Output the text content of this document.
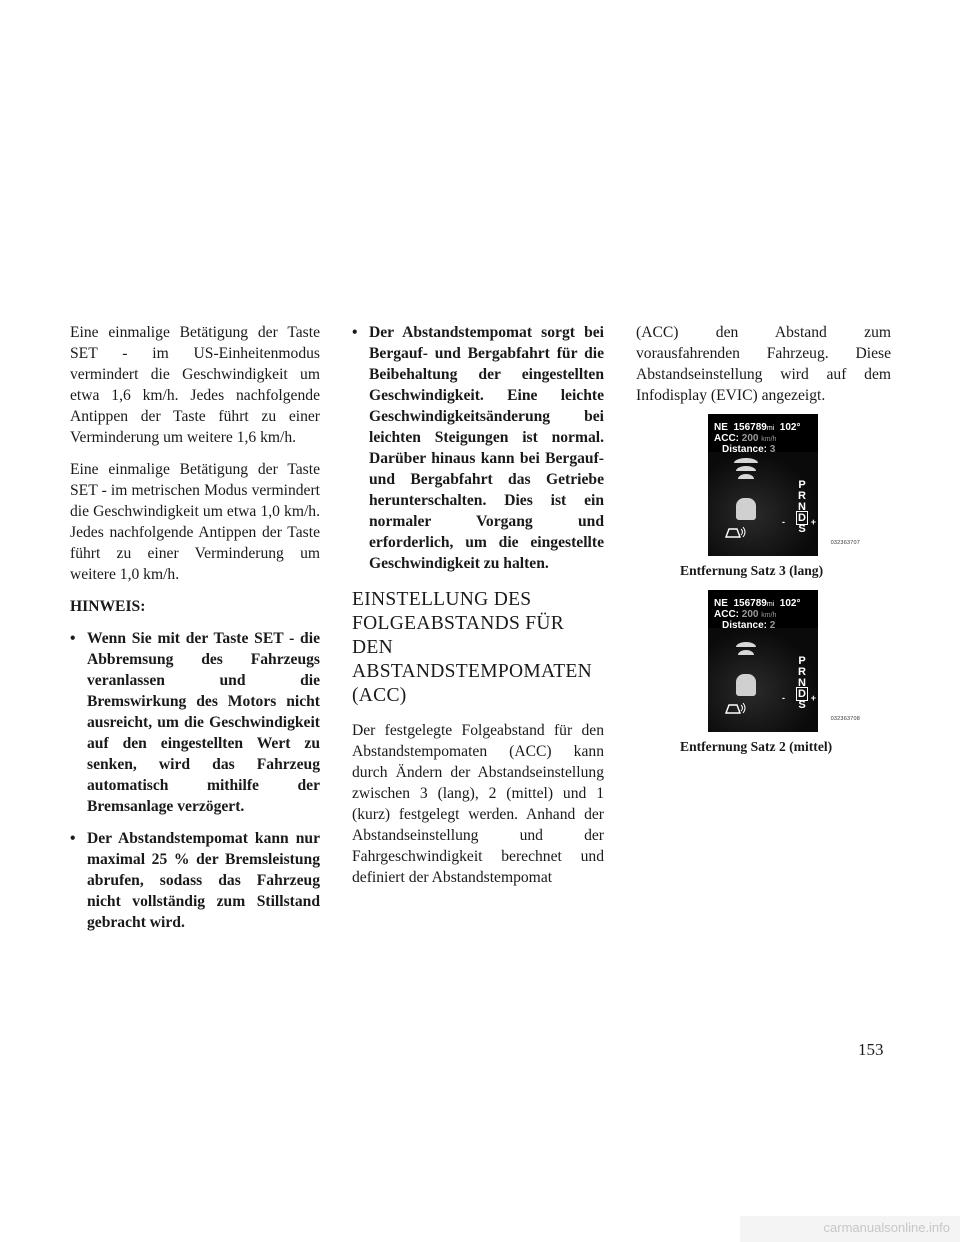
Eine einmalige Betätigung der Taste SET - im US-Einheitenmodus vermindert die Geschwindigkeit um etwa 1,6 km/h. Jedes nachfolgende Antippen der Taste führt zu einer Verminderung um weitere 1,6 km/h.

Eine einmalige Betätigung der Taste SET - im metrischen Modus vermindert die Geschwindigkeit um etwa 1,0 km/h. Jedes nachfolgende Antippen der Taste führt zu einer Verminderung um weitere 1,0 km/h.

HINWEIS:

• Wenn Sie mit der Taste SET - die Abbremsung des Fahrzeugs veranlassen und die Bremswirkung des Motors nicht ausreicht, um die Geschwindigkeit auf den eingestellten Wert zu senken, wird das Fahrzeug automatisch mithilfe der Bremsanlage verzögert.
• Der Abstandstempomat kann nur maximal 25 % der Bremsleistung abrufen, sodass das Fahrzeug nicht vollständig zum Stillstand gebracht wird.
• Der Abstandstempomat sorgt bei Bergauf- und Bergabfahrt für die Beibehaltung der eingestellten Geschwindigkeit. Eine leichte Geschwindigkeitsänderung bei leichten Steigungen ist normal. Darüber hinaus kann bei Bergauf- und Bergabfahrt das Getriebe herunterschalten. Dies ist ein normaler Vorgang und erforderlich, um die eingestellte Geschwindigkeit zu halten.
EINSTELLUNG DES FOLGEABSTANDS FÜR DEN ABSTANDSTEMPOMATEN (ACC)

Der festgelegte Folgeabstand für den Abstandstempomaten (ACC) kann durch Ändern der Abstandseinstellung zwischen 3 (lang), 2 (mittel) und 1 (kurz) festgelegt werden. Anhand der Abstandseinstellung und der Fahrgeschwindigkeit berechnet und definiert der Abstandstempomat

(ACC) den Abstand zum vorausfahrenden Fahrzeug. Diese Abstandseinstellung wird auf dem Infodisplay (EVIC) angezeigt.

NE 156789mi 102°
ACC: 200 km/h
Distance: 3
P
R
N
D
S
-	+
032363707
Entfernung Satz 3 (lang)
NE 156789mi 102°
ACC: 200 km/h
Distance: 2
P
R
N
D
S
-	+
032363708
Entfernung Satz 2 (mittel)
153
carmanualsonline.info
